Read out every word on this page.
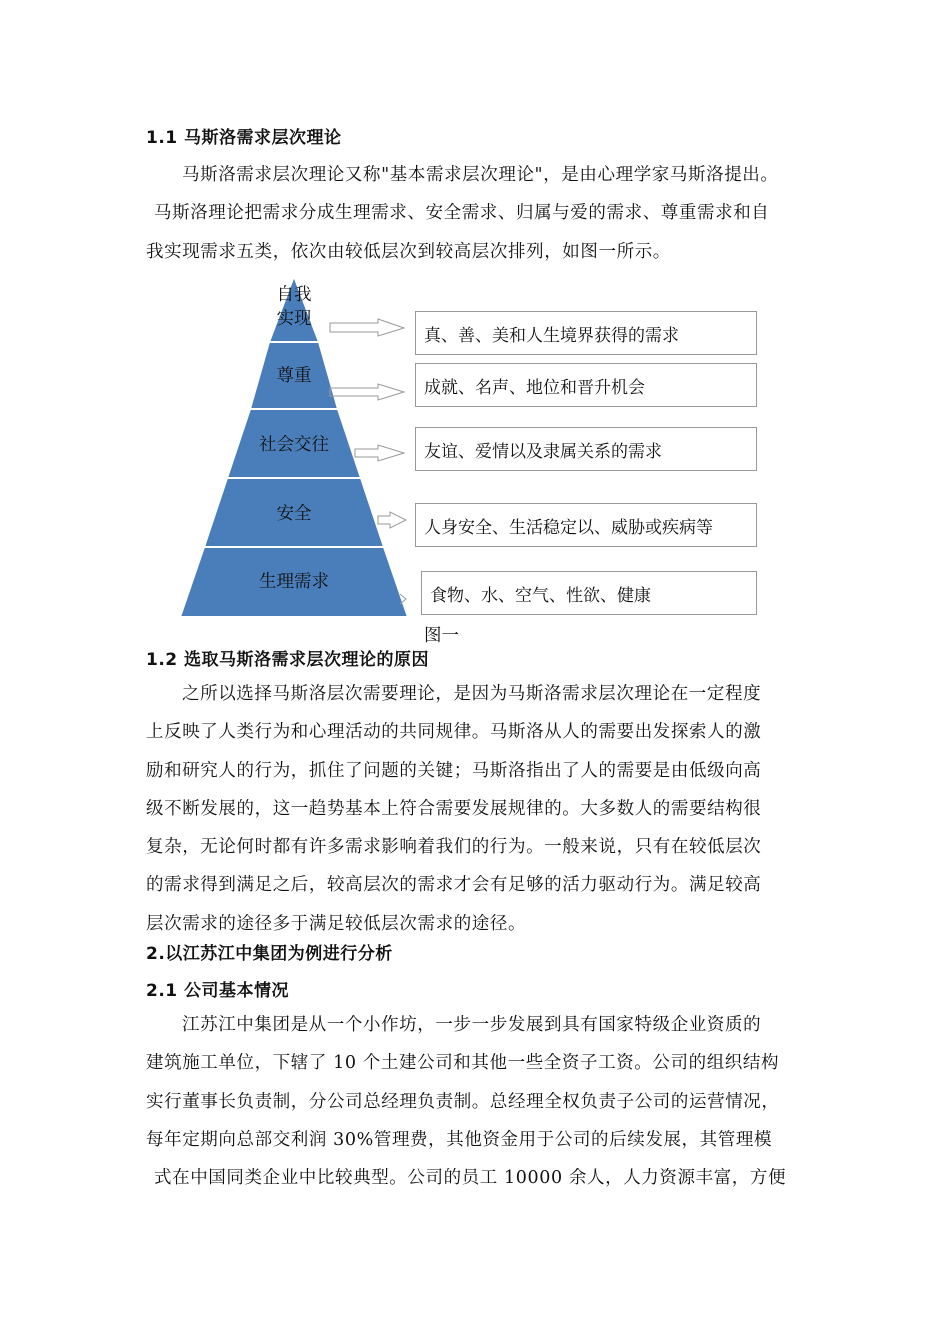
1.1 马斯洛需求层次理论
马斯洛需求层次理论又称"基本需求层次理论"，是由心理学家马斯洛提出。
马斯洛理论把需求分成生理需求、安全需求、归属与爱的需求、尊重需求和自
我实现需求五类，依次由较低层次到较高层次排列，如图一所示。
自我
实现
尊重
社会交往
安全
生理需求
真、善、美和人生境界获得的需求
成就、名声、地位和晋升机会
友谊、爱情以及隶属关系的需求
人身安全、生活稳定以、威胁或疾病等
食物、水、空气、性欲、健康
图一
1.2 选取马斯洛需求层次理论的原因
之所以选择马斯洛层次需要理论，是因为马斯洛需求层次理论在一定程度
上反映了人类行为和心理活动的共同规律。马斯洛从人的需要出发探索人的激
励和研究人的行为，抓住了问题的关键；马斯洛指出了人的需要是由低级向高
级不断发展的，这一趋势基本上符合需要发展规律的。大多数人的需要结构很
复杂，无论何时都有许多需求影响着我们的行为。一般来说，只有在较低层次
的需求得到满足之后，较高层次的需求才会有足够的活力驱动行为。满足较高
层次需求的途径多于满足较低层次需求的途径。
2.以江苏江中集团为例进行分析
2.1 公司基本情况
江苏江中集团是从一个小作坊，一步一步发展到具有国家特级企业资质的
建筑施工单位，下辖了 10 个土建公司和其他一些全资子工资。公司的组织结构
实行董事长负责制，分公司总经理负责制。总经理全权负责子公司的运营情况，
每年定期向总部交利润 30%管理费，其他资金用于公司的后续发展，其管理模
式在中国同类企业中比较典型。公司的员工 10000 余人，人力资源丰富，方便
